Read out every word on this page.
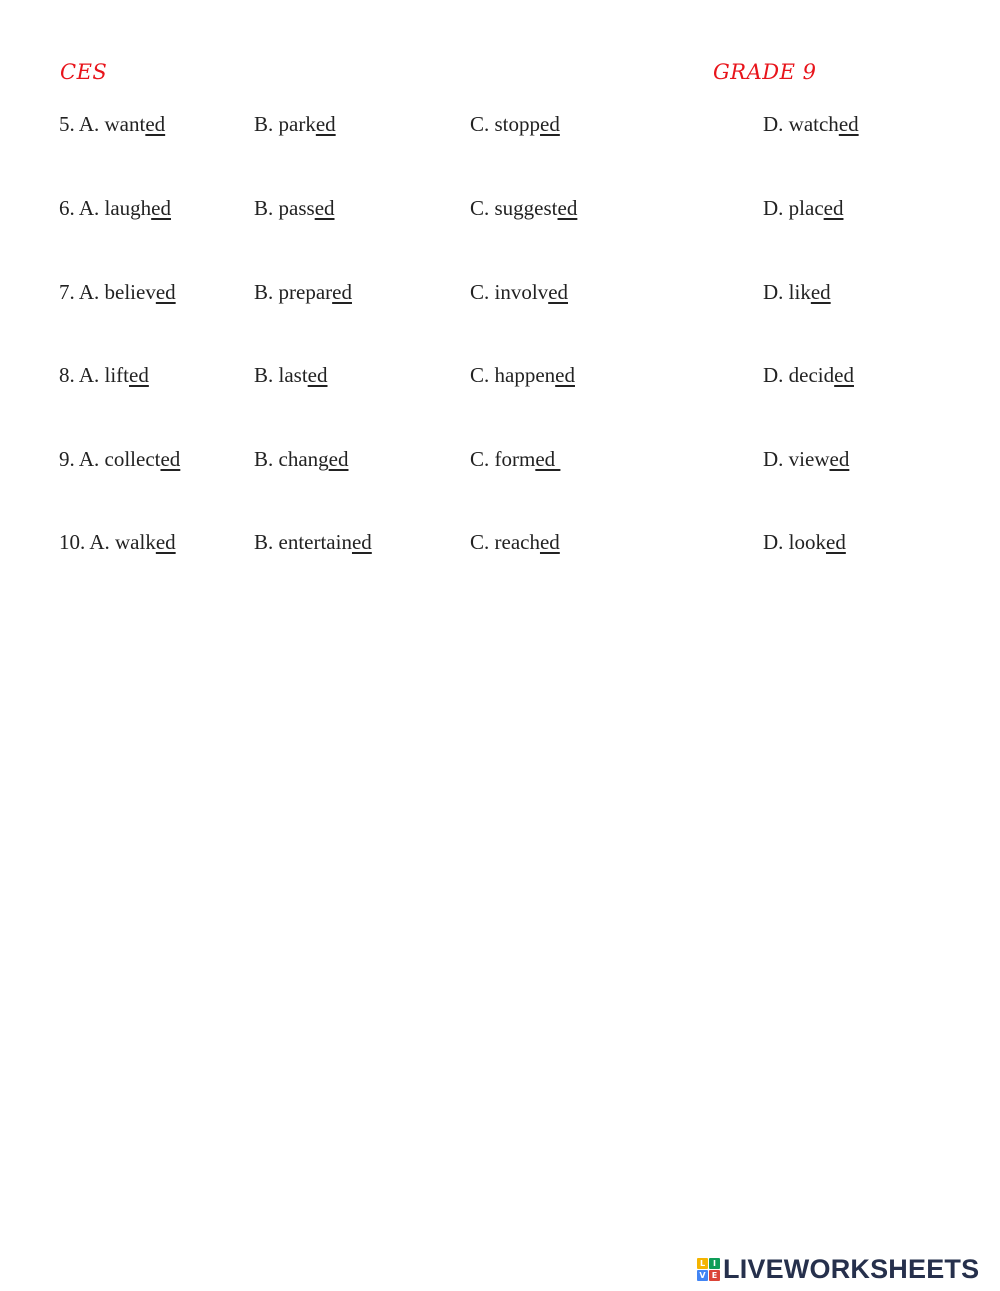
CES	GRADE 9
5. A. wanted	B. parked	C. stopped	D. watched
6. A. laughed	B. passed	C. suggested	D. placed
7. A. believed	B. prepared	C. involved	D. liked
8. A. lifted	B. lasted	C. happened	D. decided
9. A. collected	B. changed	C. formed	D. viewed
10. A. walked	B. entertained	C. reached	D. looked
L I
V E LIVEWORKSHEETS
